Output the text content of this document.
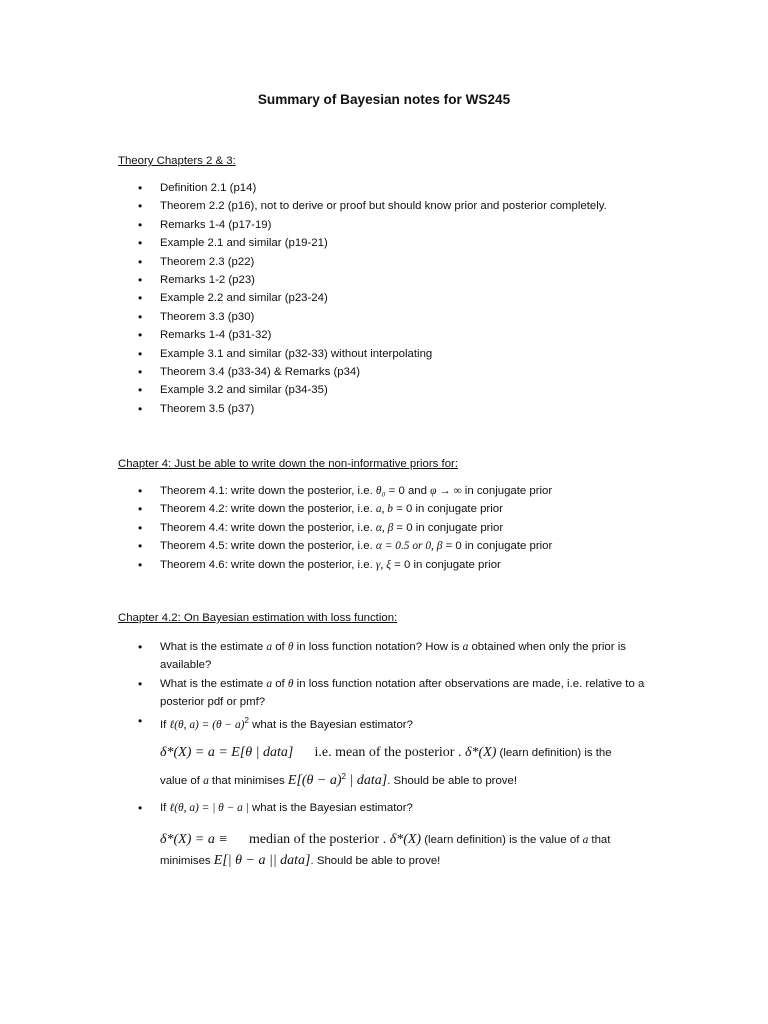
Summary of Bayesian notes for WS245
Theory Chapters 2 & 3:
• Definition 2.1 (p14)
• Theorem 2.2 (p16), not to derive or proof but should know prior and posterior completely.
• Remarks 1-4 (p17-19)
• Example 2.1 and similar (p19-21)
• Theorem 2.3 (p22)
• Remarks 1-2 (p23)
• Example 2.2 and similar (p23-24)
• Theorem 3.3 (p30)
• Remarks 1-4 (p31-32)
• Example 3.1 and similar (p32-33) without interpolating
• Theorem 3.4 (p33-34) & Remarks (p34)
• Example 3.2 and similar (p34-35)
• Theorem 3.5 (p37)
Chapter 4: Just be able to write down the non-informative priors for:
• Theorem 4.1: write down the posterior, i.e. θ₀ = 0 and φ → ∞ in conjugate prior
• Theorem 4.2: write down the posterior, i.e. a, b = 0 in conjugate prior
• Theorem 4.4: write down the posterior, i.e. α, β = 0 in conjugate prior
• Theorem 4.5: write down the posterior, i.e. α = 0.5 or 0, β = 0 in conjugate prior
• Theorem 4.6: write down the posterior, i.e. γ, ξ = 0 in conjugate prior
Chapter 4.2: On Bayesian estimation with loss function:
• What is the estimate a of θ in loss function notation? How is a obtained when only the prior is available?
• What is the estimate a of θ in loss function notation after observations are made, i.e. relative to a posterior pdf or pmf?
• If ℓ(θ, $a) = (\theta - a)^2$ what is the Bayesian estimator?
δ*(X) = a = E[θ | data] i.e. mean of the posterior . δ*(X) (learn definition) is the
value of a that minimises $E[(\theta - a)^2$ | data]. Should be able to prove!
• If ℓ(θ, a) = | θ − a | what is the Bayesian estimator?
δ*(X) = a ≡ median of the posterior . δ*(X) (learn definition) is the value of a that
minimises E[| θ − a || data]. Should be able to prove!
